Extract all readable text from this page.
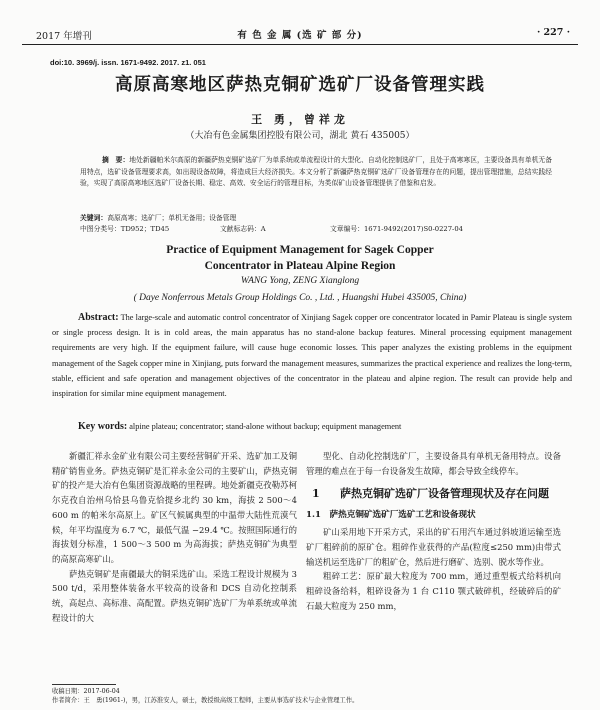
2017 年增刊	有 色 金 属 (选 矿 部 分)	· 227 ·
doi:10. 3969/j. issn. 1671-9492. 2017. z1. 051
高原高寒地区萨热克铜矿选矿厂设备管理实践
王 勇，曾祥龙
（大冶有色金属集团控股有限公司，湖北 黄石 435005）
摘　要：地处新疆帕米尔高原的新疆萨热克铜矿选矿厂为单系统或单流程设计的大型化、自动化控制选矿厂，且处于高寒寒区，主要设备具有单机无备用特点，选矿设备管理要求高，如出现设备故障，将造成巨大经济损失。本文分析了新疆萨热克铜矿选矿厂设备管理存在的问题，提出管理措施，总结实践经验，实现了高原高寒地区选矿厂设备长期、稳定、高效、安全运行的管理目标，为类似矿山设备管理提供了借鉴和启发。
关键词：高原高寒；选矿厂；单机无备用；设备管理
中图分类号：TD952；TD45	文献标志码：A	文章编号：1671-9492(2017)S0-0227-04
Practice of Equipment Management for Sagek Copper
Concentrator in Plateau Alpine Region
WANG Yong, ZENG Xianglong
( Daye Nonferrous Metals Group Holdings Co. , Ltd. , Huangshi Hubei 435005, China)
Abstract: The large-scale and automatic control concentrator of Xinjiang Sagek copper ore concentrator located in Pamir Plateau is single system or single process design. It is in cold areas, the main apparatus has no stand-alone backup features. Mineral processing equipment management requirements are very high. If the equipment failure, will cause huge economic losses. This paper analyzes the existing problems in the equipment management of the Sagek copper mine in Xinjiang, puts forward the management measures, summarizes the practical experience and realizes the long-term, stable, efficient and safe operation and management objectives of the concentrator in the plateau and alpine region. The result can provide help and inspiration for similar mine equipment management.
Key words: alpine plateau; concentrator; stand-alone without backup; equipment management

新疆汇祥永金矿业有限公司主要经营铜矿开采、选矿加工及铜精矿销售业务。萨热克铜矿是汇祥永金公司的主要矿山，萨热克铜矿的投产是大冶有色集团资源战略的里程碑。地处新疆克孜勒苏柯尔克孜自治州乌恰县乌鲁克恰提乡北约 30 km，海拔 2 500～4 600 m 的帕米尔高原上。矿区气候属典型的中温带大陆性荒漠气候，年平均温度为 6.7 ℃，最低气温 −29.4 ℃。按照国际通行的海拔划分标准，1 500～3 500 m 为高海拔；萨热克铜矿为典型的高原高寒矿山。

萨热克铜矿是南疆最大的铜采选矿山。采选工程设计规模为 3 500 t/d，采用整体装备水平较高的设备和 DCS 自动化控制系统，高起点、高标准、高配置。萨热克铜矿选矿厂为单系统或单流程设计的大

型化、自动化控制选矿厂，主要设备具有单机无备用特点。设备管理的难点在于每一台设备发生故障，都会导致全线停车。

1 萨热克铜矿选矿厂设备管理现状及存在问题
1.1　萨热克铜矿选矿厂选矿工艺和设备现状

矿山采用地下开采方式，采出的矿石用汽车通过斜坡道运输至选矿厂粗碎前的原矿仓。粗碎作业获得的产品(粒度≤250 mm)由带式输送机运至选矿厂的粗矿仓，然后进行磨矿、选别、脱水等作业。

粗碎工艺：原矿最大粒度为 700 mm，通过重型板式给料机向粗碎设备给料，粗碎设备为 1 台 C110 颚式破碎机，经破碎后的矿石最大粒度为 250 mm，

收稿日期：2017-06-04
作者简介：王　勇(1961-)，男，江苏淮安人，硕士，教授级高级工程师，主要从事选矿技术与企业管理工作。
